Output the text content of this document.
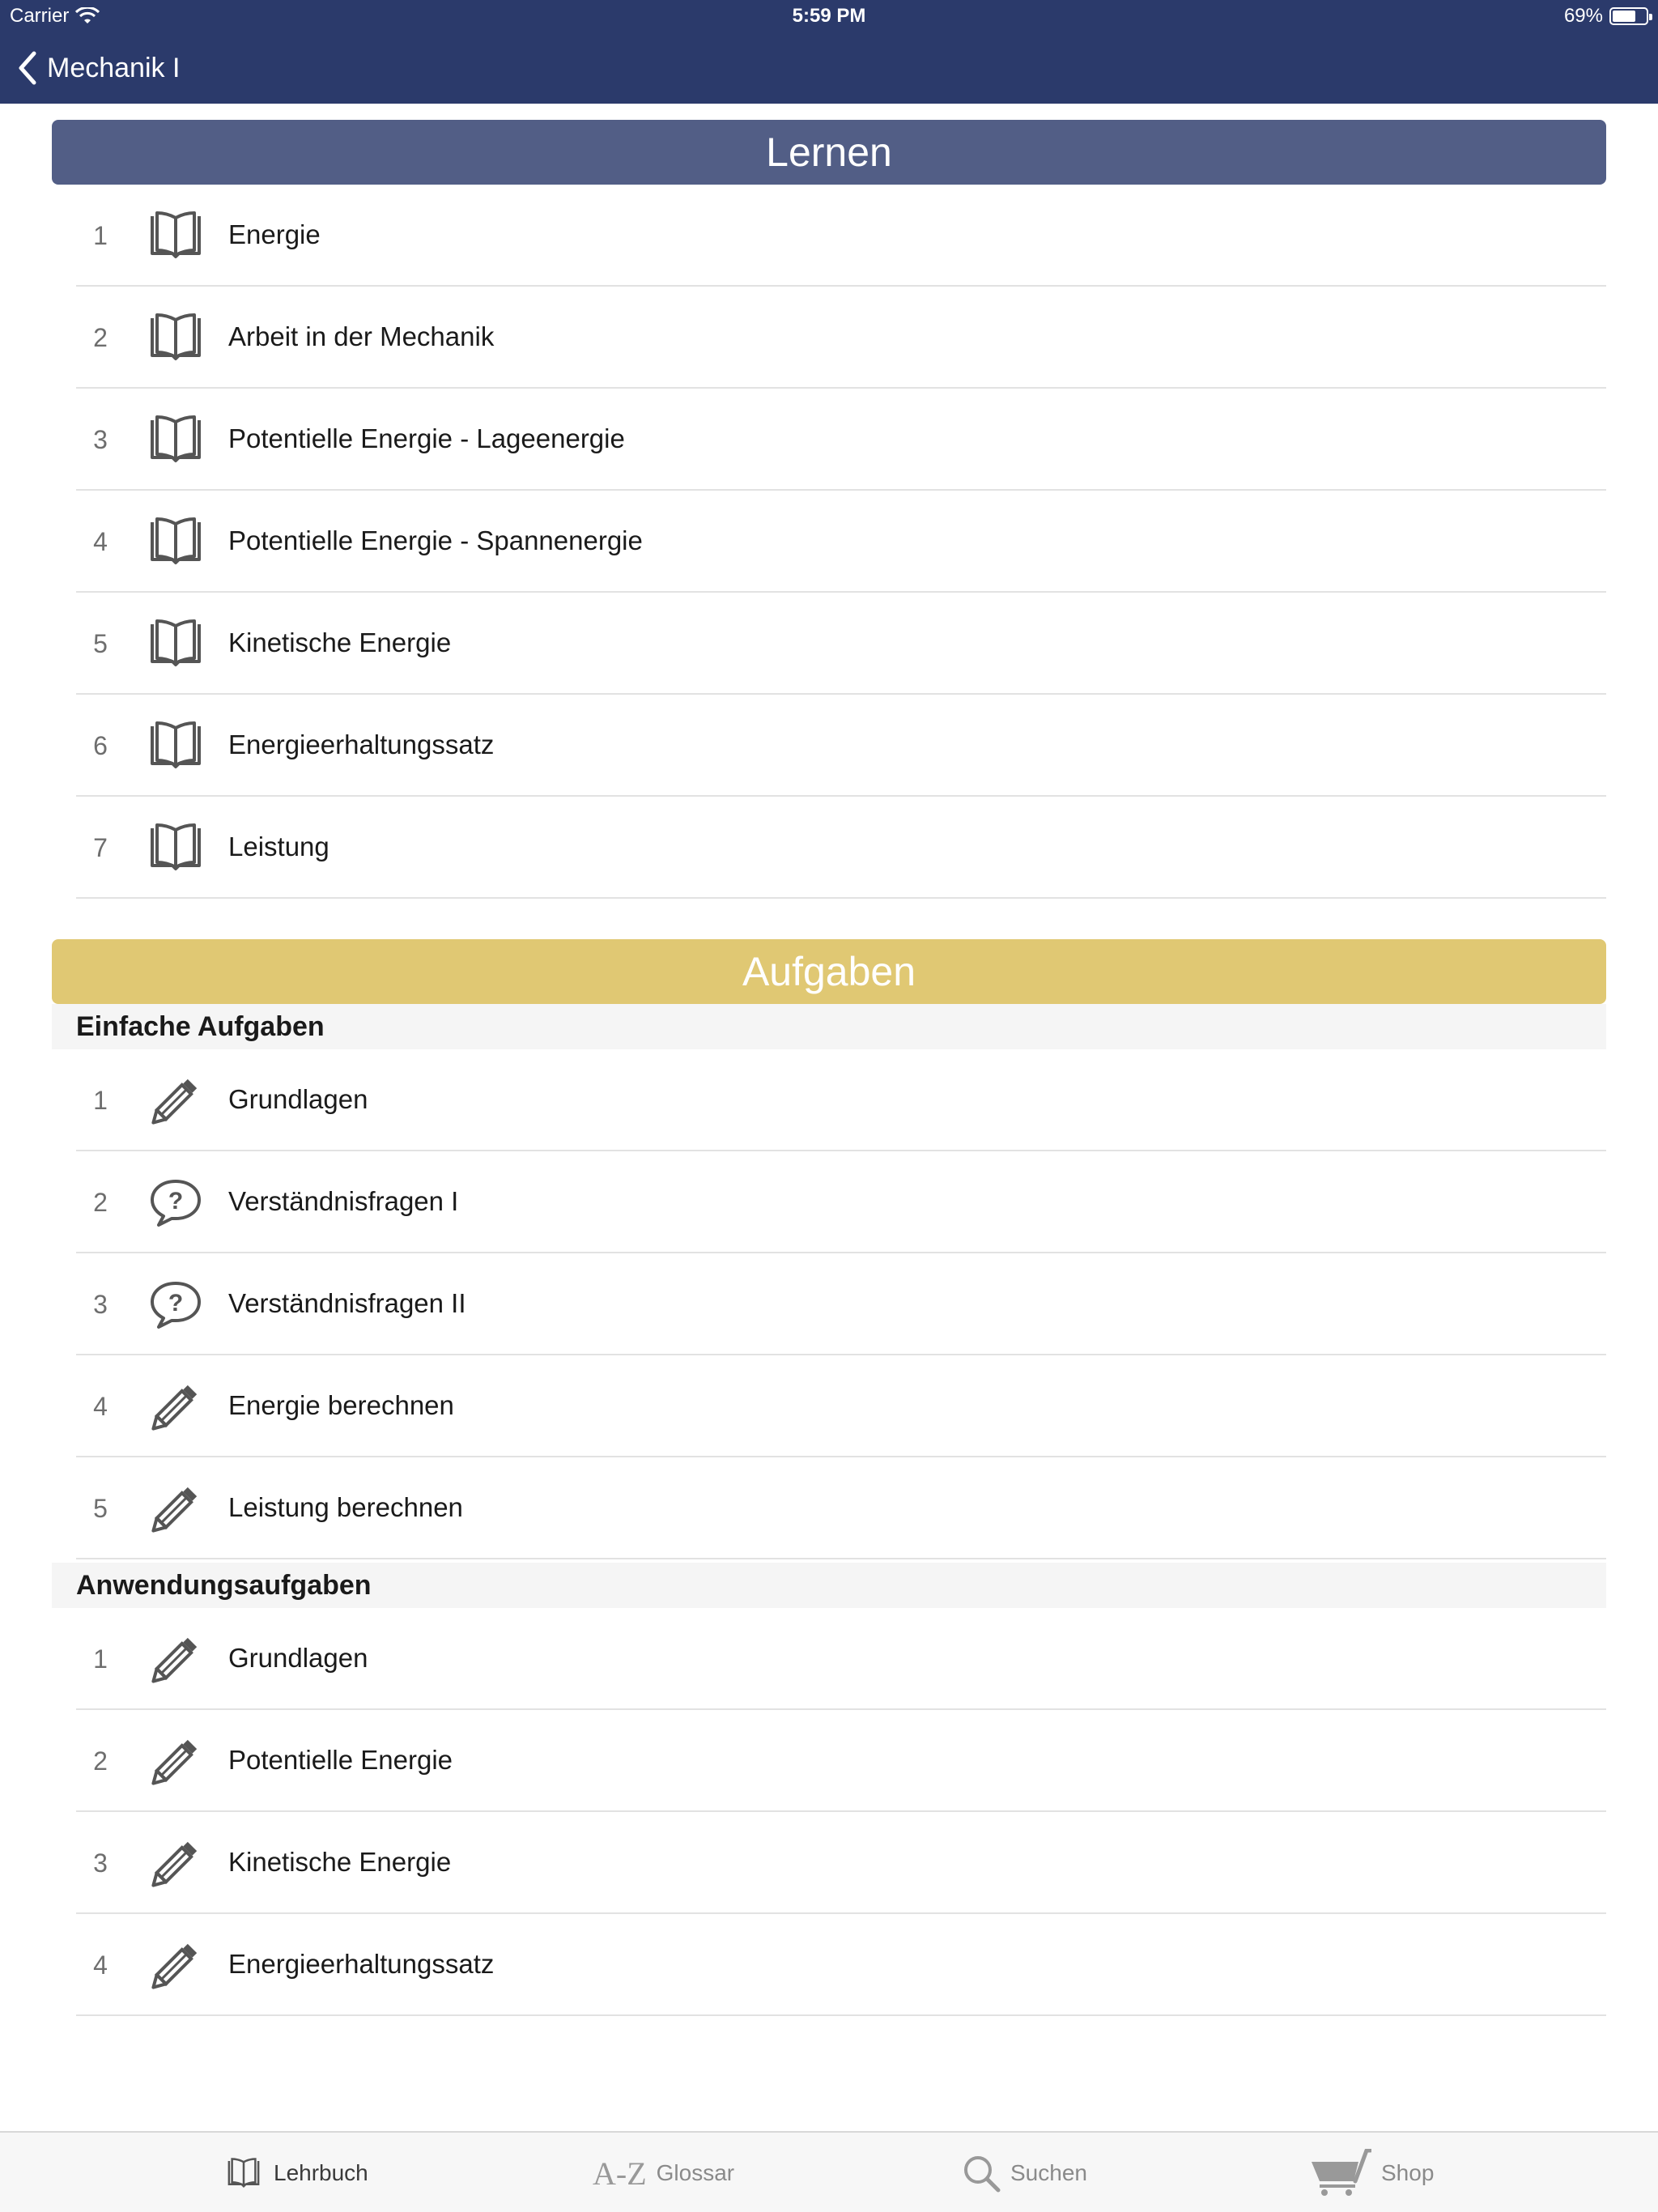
Carrier	5:59 PM	69%
Mechanik I
Lernen
1	Energie
2	Arbeit in der Mechanik
3	Potentielle Energie - Lageenergie
4	Potentielle Energie - Spannenergie
5	Kinetische Energie
6	Energieerhaltungssatz
7	Leistung
Aufgaben
Einfache Aufgaben
1	Grundlagen
2	? Verständnisfragen I
3	? Verständnisfragen II
4	Energie berechnen
5	Leistung berechnen
Anwendungsaufgaben
1	Grundlagen
2	Potentielle Energie
3	Kinetische Energie
4	Energieerhaltungssatz
Lehrbuch	A-Z Glossar	Suchen	Shop
